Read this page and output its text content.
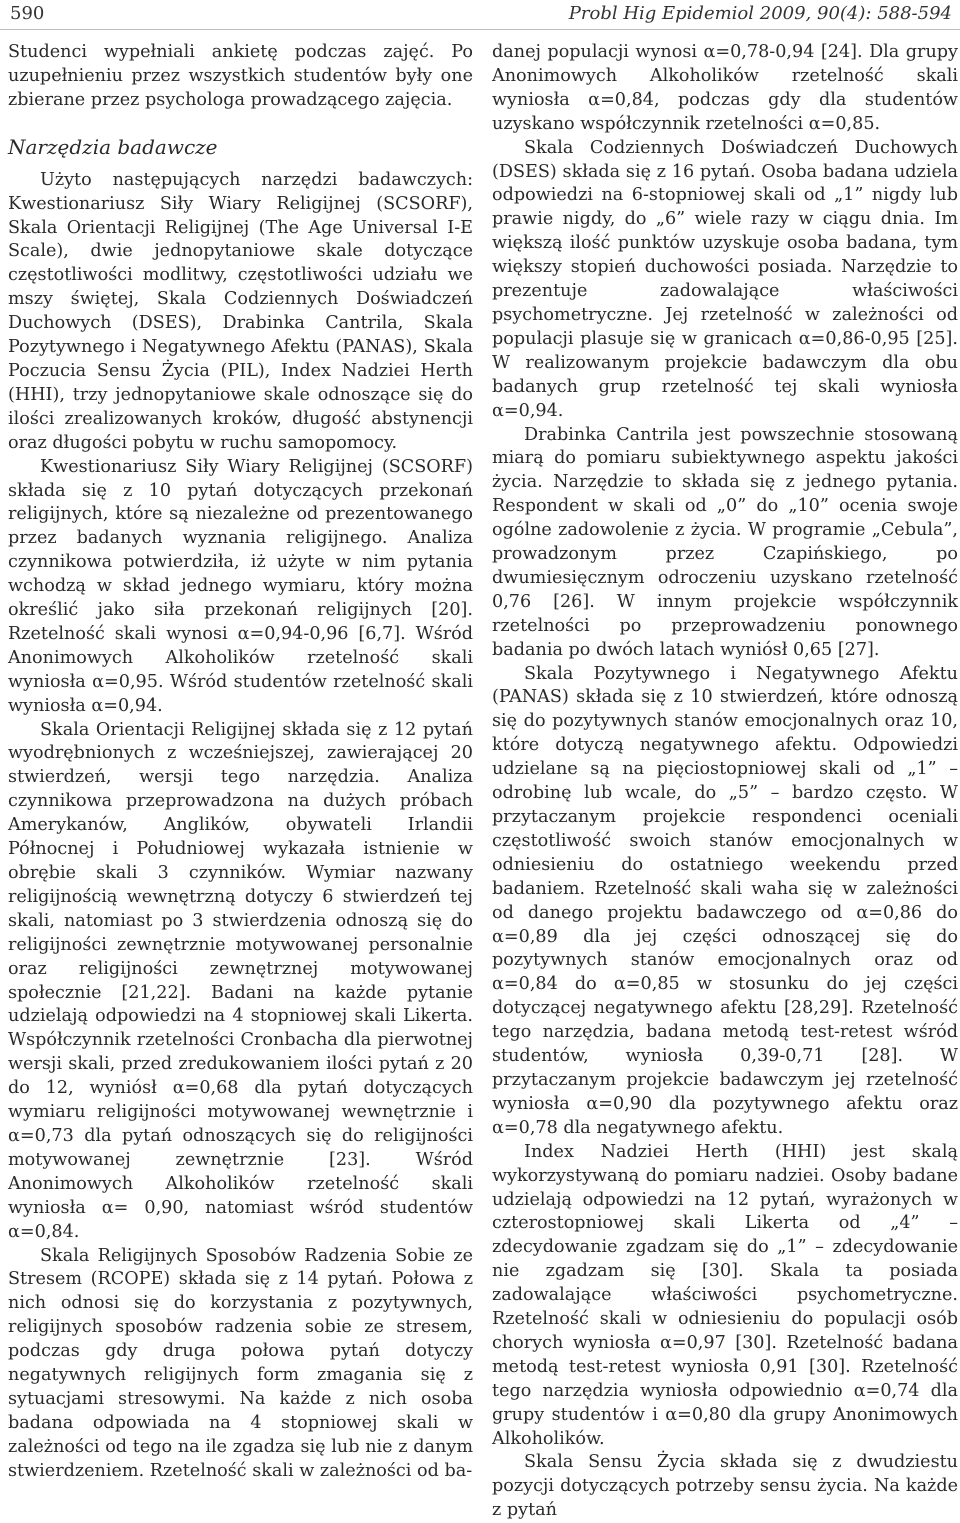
590	Probl Hig Epidemiol 2009, 90(4): 588-594

Studenci wypełniali ankietę podczas zajęć. Po uzupełnieniu przez wszystkich studentów były one zbierane przez psychologa prowadzącego zajęcia.

Narzędzia badawcze

Użyto następujących narzędzi badawczych: Kwestionariusz Siły Wiary Religijnej (SCSORF), Skala Orientacji Religijnej (The Age Universal I-E Scale), dwie jednopytaniowe skale dotyczące częstotliwości modlitwy, częstotliwości udziału we mszy świętej, Skala Codziennych Doświadczeń Duchowych (DSES), Drabinka Cantrila, Skala Pozytywnego i Negatywnego Afektu (PANAS), Skala Poczucia Sensu Życia (PIL), Index Nadziei Herth (HHI), trzy jednopytaniowe skale odnoszące się do ilości zrealizowanych kroków, długość abstynencji oraz długości pobytu w ruchu samopomocy.

Kwestionariusz Siły Wiary Religijnej (SCSORF) składa się z 10 pytań dotyczących przekonań religijnych, które są niezależne od prezentowanego przez badanych wyznania religijnego. Analiza czynnikowa potwierdziła, iż użyte w nim pytania wchodzą w skład jednego wymiaru, który można określić jako siła przekonań religijnych [20]. Rzetelność skali wynosi α=0,94-0,96 [6,7]. Wśród Anonimowych Alkoholików rzetelność skali wyniosła α=0,95. Wśród studentów rzetelność skali wyniosła α=0,94.

Skala Orientacji Religijnej składa się z 12 pytań wyodrębnionych z wcześniejszej, zawierającej 20 stwierdzeń, wersji tego narzędzia. Analiza czynnikowa przeprowadzona na dużych próbach Amerykanów, Anglików, obywateli Irlandii Północnej i Południowej wykazała istnienie w obrębie skali 3 czynników. Wymiar nazwany religijnością wewnętrzną dotyczy 6 stwierdzeń tej skali, natomiast po 3 stwierdzenia odnoszą się do religijności zewnętrznie motywowanej personalnie oraz religijności zewnętrznej motywowanej społecznie [21,22]. Badani na każde pytanie udzielają odpowiedzi na 4 stopniowej skali Likerta. Współczynnik rzetelności Cronbacha dla pierwotnej wersji skali, przed zredukowaniem ilości pytań z 20 do 12, wyniósł α=0,68 dla pytań dotyczących wymiaru religijności motywowanej wewnętrznie i α=0,73 dla pytań odnoszących się do religijności motywowanej zewnętrznie [23]. Wśród Anonimowych Alkoholików rzetelność skali wyniosła α= 0,90, natomiast wśród studentów α=0,84.

Skala Religijnych Sposobów Radzenia Sobie ze Stresem (RCOPE) składa się z 14 pytań. Połowa z nich odnosi się do korzystania z pozytywnych, religijnych sposobów radzenia sobie ze stresem, podczas gdy druga połowa pytań dotyczy negatywnych religijnych form zmagania się z sytuacjami stresowymi. Na każde z nich osoba badana odpowiada na 4 stopniowej skali w zależności od tego na ile zgadza się lub nie z danym stwierdzeniem. Rzetelność skali w zależności od ba-

danej populacji wynosi α=0,78-0,94 [24]. Dla grupy Anonimowych Alkoholików rzetelność skali wyniosła α=0,84, podczas gdy dla studentów uzyskano współczynnik rzetelności α=0,85.

Skala Codziennych Doświadczeń Duchowych (DSES) składa się z 16 pytań. Osoba badana udziela odpowiedzi na 6-stopniowej skali od „1” nigdy lub prawie nigdy, do „6” wiele razy w ciągu dnia. Im większą ilość punktów uzyskuje osoba badana, tym większy stopień duchowości posiada. Narzędzie to prezentuje zadowalające właściwości psychometryczne. Jej rzetelność w zależności od populacji plasuje się w granicach α=0,86-0,95 [25]. W realizowanym projekcie badawczym dla obu badanych grup rzetelność tej skali wyniosła α=0,94.

Drabinka Cantrila jest powszechnie stosowaną miarą do pomiaru subiektywnego aspektu jakości życia. Narzędzie to składa się z jednego pytania. Respondent w skali od „0” do „10” ocenia swoje ogólne zadowolenie z życia. W programie „Cebula”, prowadzonym przez Czapińskiego, po dwumiesięcznym odroczeniu uzyskano rzetelność 0,76 [26]. W innym projekcie współczynnik rzetelności po przeprowadzeniu ponownego badania po dwóch latach wyniósł 0,65 [27].

Skala Pozytywnego i Negatywnego Afektu (PANAS) składa się z 10 stwierdzeń, które odnoszą się do pozytywnych stanów emocjonalnych oraz 10, które dotyczą negatywnego afektu. Odpowiedzi udzielane są na pięciostopniowej skali od „1” – odrobinę lub wcale, do „5” – bardzo często. W przytaczanym projekcie respondenci oceniali częstotliwość swoich stanów emocjonalnych w odniesieniu do ostatniego weekendu przed badaniem. Rzetelność skali waha się w zależności od danego projektu badawczego od α=0,86 do α=0,89 dla jej części odnoszącej się do pozytywnych stanów emocjonalnych oraz od α=0,84 do α=0,85 w stosunku do jej części dotyczącej negatywnego afektu [28,29]. Rzetelność tego narzędzia, badana metodą test-retest wśród studentów, wyniosła 0,39-0,71 [28]. W przytaczanym projekcie badawczym jej rzetelność wyniosła α=0,90 dla pozytywnego afektu oraz α=0,78 dla negatywnego afektu.

Index Nadziei Herth (HHI) jest skalą wykorzystywaną do pomiaru nadziei. Osoby badane udzielają odpowiedzi na 12 pytań, wyrażonych w czterostopniowej skali Likerta od „4” – zdecydowanie zgadzam się do „1” – zdecydowanie nie zgadzam się [30]. Skala ta posiada zadowalające właściwości psychometryczne. Rzetelność skali w odniesieniu do populacji osób chorych wyniosła α=0,97 [30]. Rzetelność badana metodą test-retest wyniosła 0,91 [30]. Rzetelność tego narzędzia wyniosła odpowiednio α=0,74 dla grupy studentów i α=0,80 dla grupy Anonimowych Alkoholików.

Skala Sensu Życia składa się z dwudziestu pozycji dotyczących potrzeby sensu życia. Na każde z pytań
